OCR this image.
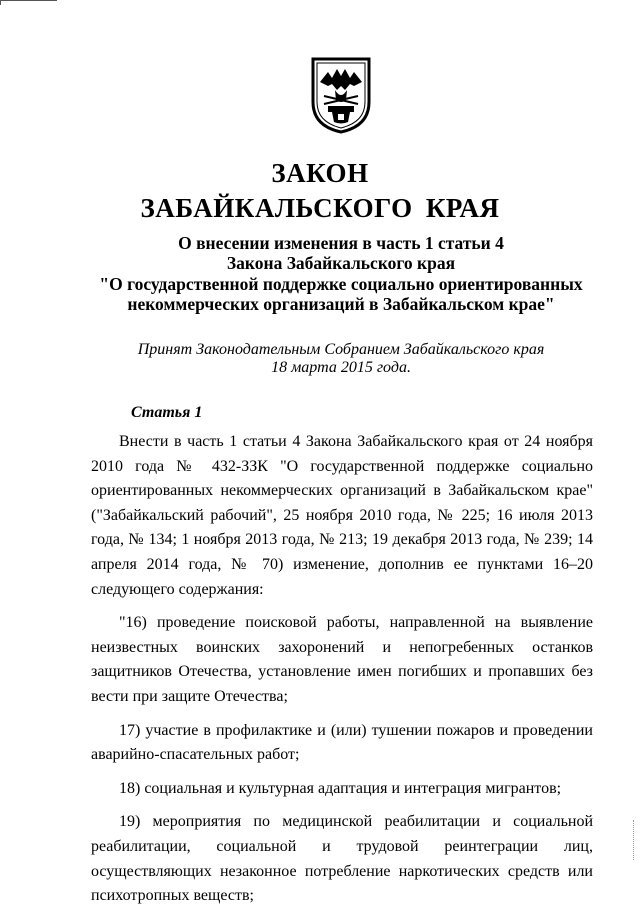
ЗАКОН
ЗАБАЙКАЛЬСКОГО КРАЯ
О внесении изменения в часть 1 статьи 4
Закона Забайкальского края
"О государственной поддержке социально ориентированных
некоммерческих организаций в Забайкальском крае"
Принят Законодательным Собранием Забайкальского края
18 марта 2015 года.
Статья 1

Внести в часть 1 статьи 4 Закона Забайкальского края от 24 ноября 2010 года № 432-ЗЗК "О государственной поддержке социально ориентированных некоммерческих организаций в Забайкальском крае" ("Забайкальский рабочий", 25 ноября 2010 года, № 225; 16 июля 2013 года, № 134; 1 ноября 2013 года, № 213; 19 декабря 2013 года, № 239; 14 апреля 2014 года, № 70) изменение, дополнив ее пунктами 16–20 следующего содержания:

"16) проведение поисковой работы, направленной на выявление неизвестных воинских захоронений и непогребенных останков защитников Отечества, установление имен погибших и пропавших без вести при защите Отечества;

17) участие в профилактике и (или) тушении пожаров и проведении аварийно-спасательных работ;

18) социальная и культурная адаптация и интеграция мигрантов;

19) мероприятия по медицинской реабилитации и социальной реабилитации, социальной и трудовой реинтеграции лиц, осуществляющих незаконное потребление наркотических средств или психотропных веществ;
